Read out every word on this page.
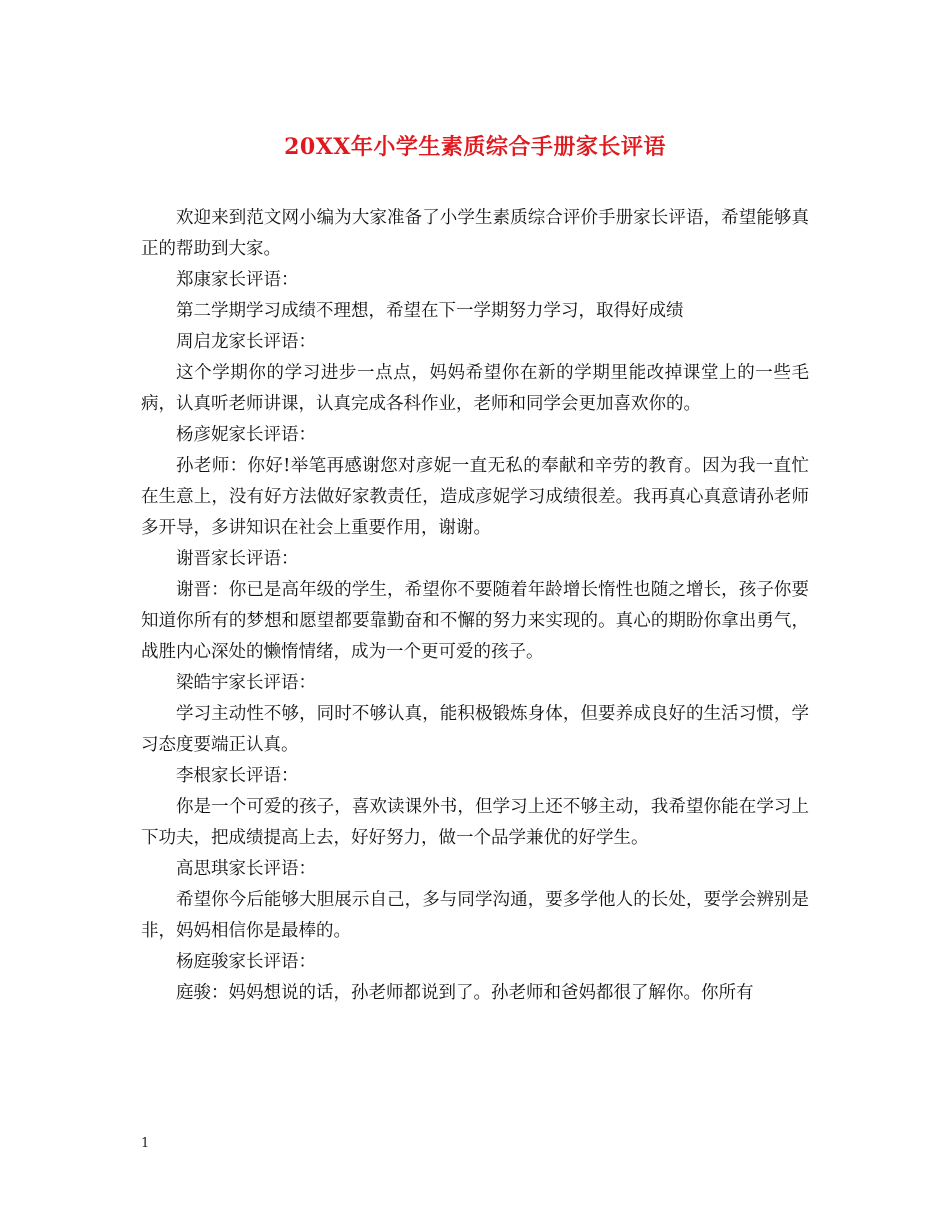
20XX年小学生素质综合手册家长评语

欢迎来到范文网小编为大家准备了小学生素质综合评价手册家长评语，希望能够真正的帮助到大家。

郑康家长评语：

第二学期学习成绩不理想，希望在下一学期努力学习，取得好成绩

周启龙家长评语：

这个学期你的学习进步一点点，妈妈希望你在新的学期里能改掉课堂上的一些毛病，认真听老师讲课，认真完成各科作业，老师和同学会更加喜欢你的。

杨彦妮家长评语：

孙老师：你好!举笔再感谢您对彦妮一直无私的奉献和辛劳的教育。因为我一直忙在生意上，没有好方法做好家教责任，造成彦妮学习成绩很差。我再真心真意请孙老师多开导，多讲知识在社会上重要作用，谢谢。

谢晋家长评语：

谢晋：你已是高年级的学生，希望你不要随着年龄增长惰性也随之增长，孩子你要知道你所有的梦想和愿望都要靠勤奋和不懈的努力来实现的。真心的期盼你拿出勇气，战胜内心深处的懒惰情绪，成为一个更可爱的孩子。

梁皓宇家长评语：

学习主动性不够，同时不够认真，能积极锻炼身体，但要养成良好的生活习惯，学习态度要端正认真。

李根家长评语：

你是一个可爱的孩子，喜欢读课外书，但学习上还不够主动，我希望你能在学习上下功夫，把成绩提高上去，好好努力，做一个品学兼优的好学生。

高思琪家长评语：

希望你今后能够大胆展示自己，多与同学沟通，要多学他人的长处，要学会辨别是非，妈妈相信你是最棒的。

杨庭骏家长评语：

庭骏：妈妈想说的话，孙老师都说到了。孙老师和爸妈都很了解你。你所有

1
